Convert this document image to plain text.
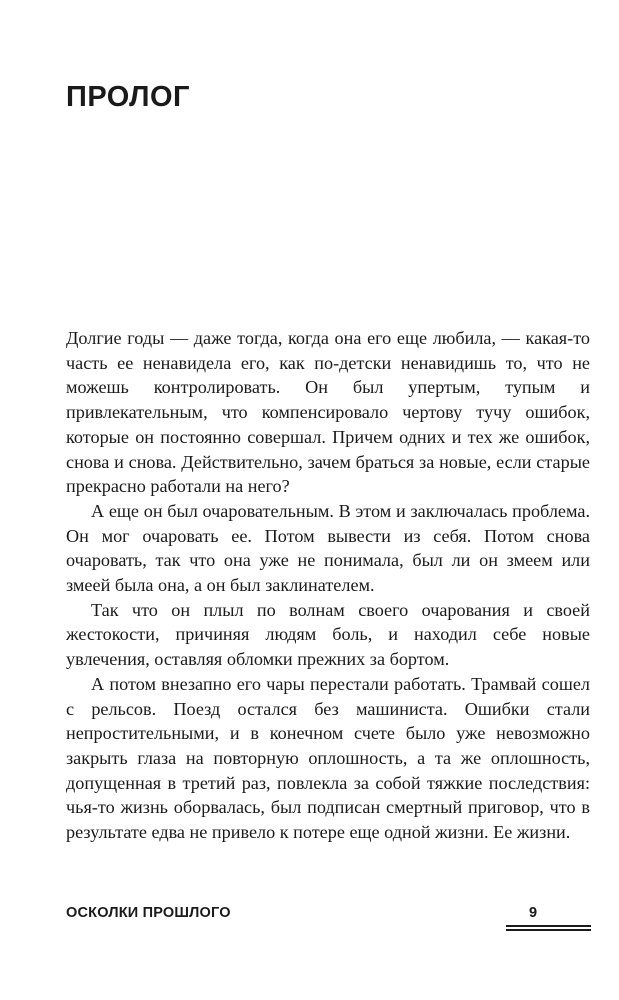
ПРОЛОГ

Долгие годы — даже тогда, когда она его еще любила, — какая-то часть ее ненавидела его, как по-детски ненавидишь то, что не можешь контролировать. Он был упертым, тупым и привлекательным, что компенсировало чертову тучу ошибок, которые он постоянно совершал. Причем одних и тех же ошибок, снова и снова. Действительно, зачем браться за новые, если старые прекрасно работали на него?

А еще он был очаровательным. В этом и заключалась проблема. Он мог очаровать ее. Потом вывести из себя. Потом снова очаровать, так что она уже не понимала, был ли он змеем или змеей была она, а он был заклинателем.

Так что он плыл по волнам своего очарования и своей жестокости, причиняя людям боль, и находил себе новые увлечения, оставляя обломки прежних за бортом.

А потом внезапно его чары перестали работать. Трамвай сошел с рельсов. Поезд остался без машиниста. Ошибки стали непростительными, и в конечном счете было уже невозможно закрыть глаза на повторную оплошность, а та же оплошность, допущенная в третий раз, повлекла за собой тяжкие последствия: чья-то жизнь оборвалась, был подписан смертный приговор, что в результате едва не привело к потере еще одной жизни. Ее жизни.

ОСКОЛКИ ПРОШЛОГО	9
